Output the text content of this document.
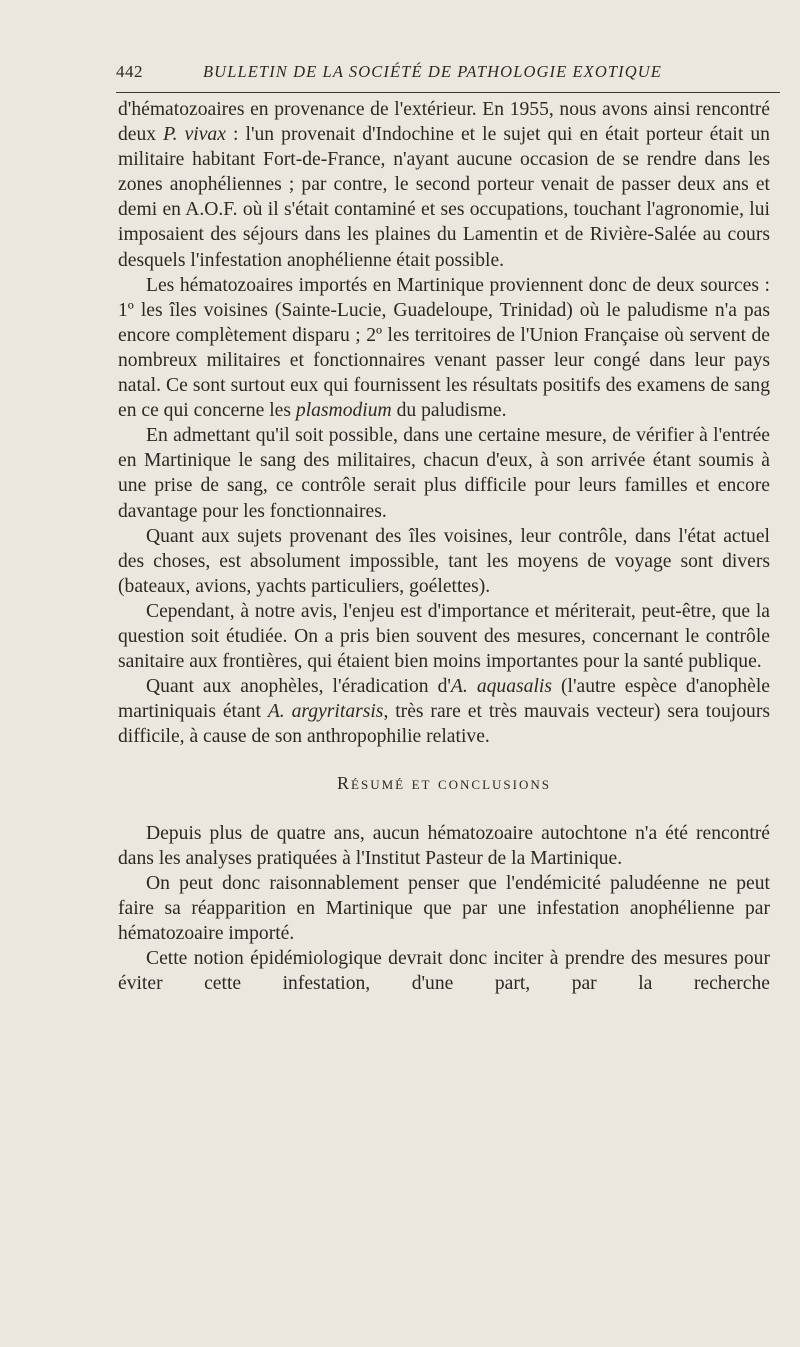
442	BULLETIN DE LA SOCIÉTÉ DE PATHOLOGIE EXOTIQUE

d'hématozoaires en provenance de l'extérieur. En 1955, nous avons ainsi rencontré deux P. vivax : l'un provenait d'Indochine et le sujet qui en était porteur était un militaire habitant Fort-de-France, n'ayant aucune occasion de se rendre dans les zones anophéliennes ; par contre, le second porteur venait de passer deux ans et demi en A.O.F. où il s'était contaminé et ses occupations, touchant l'agronomie, lui imposaient des séjours dans les plaines du Lamentin et de Rivière-Salée au cours desquels l'infestation anophélienne était possible.

Les hématozoaires importés en Martinique proviennent donc de deux sources : 1º les îles voisines (Sainte-Lucie, Guadeloupe, Trinidad) où le paludisme n'a pas encore complètement disparu ; 2º les territoires de l'Union Française où servent de nombreux militaires et fonctionnaires venant passer leur congé dans leur pays natal. Ce sont surtout eux qui fournissent les résultats positifs des examens de sang en ce qui concerne les plasmodium du paludisme.

En admettant qu'il soit possible, dans une certaine mesure, de vérifier à l'entrée en Martinique le sang des militaires, chacun d'eux, à son arrivée étant soumis à une prise de sang, ce contrôle serait plus difficile pour leurs familles et encore davantage pour les fonctionnaires.

Quant aux sujets provenant des îles voisines, leur contrôle, dans l'état actuel des choses, est absolument impossible, tant les moyens de voyage sont divers (bateaux, avions, yachts particuliers, goélettes).

Cependant, à notre avis, l'enjeu est d'importance et mériterait, peut-être, que la question soit étudiée. On a pris bien souvent des mesures, concernant le contrôle sanitaire aux frontières, qui étaient bien moins importantes pour la santé publique.

Quant aux anophèles, l'éradication d'A. aquasalis (l'autre espèce d'anophèle martiniquais étant A. argyritarsis, très rare et très mauvais vecteur) sera toujours difficile, à cause de son anthropophilie relative.

Résumé et conclusions

Depuis plus de quatre ans, aucun hématozoaire autochtone n'a été rencontré dans les analyses pratiquées à l'Institut Pasteur de la Martinique.

On peut donc raisonnablement penser que l'endémicité paludéenne ne peut faire sa réapparition en Martinique que par une infestation anophélienne par hématozoaire importé.

Cette notion épidémiologique devrait donc inciter à prendre des mesures pour éviter cette infestation, d'une part, par la recherche
